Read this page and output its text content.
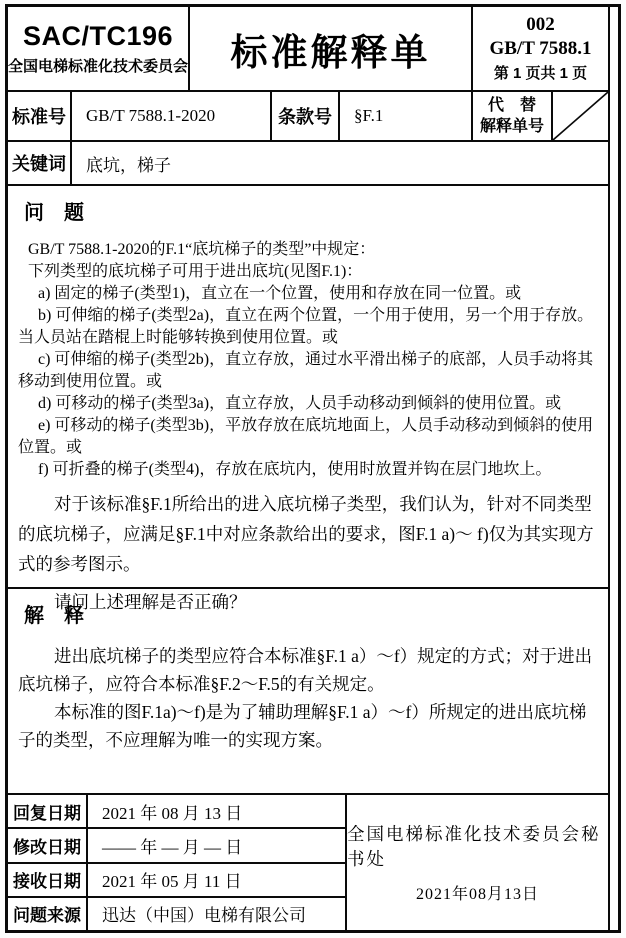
SAC/TC196
全国电梯标准化技术委员会	标准解释单
002
GB/T 7588.1
第 1 页共 1 页
标准号	GB/T 7588.1-2020	条款号	§F.1
代　替
解释单号
关键词	底坑，梯子
问　题
GB/T 7588.1-2020的F.1“底坑梯子的类型”中规定：
下列类型的底坑梯子可用于进出底坑(见图F.1)：
a) 固定的梯子(类型1)，直立在一个位置，使用和存放在同一位置。或
b) 可伸缩的梯子(类型2a)，直立在两个位置，一个用于使用，另一个用于存放。当人员站在踏棍上时能够转换到使用位置。或
c) 可伸缩的梯子(类型2b)，直立存放，通过水平滑出梯子的底部，人员手动将其移动到使用位置。或
d) 可移动的梯子(类型3a)，直立存放，人员手动移动到倾斜的使用位置。或
e) 可移动的梯子(类型3b)，平放存放在底坑地面上，人员手动移动到倾斜的使用位置。或
f) 可折叠的梯子(类型4)，存放在底坑内，使用时放置并钩在层门地坎上。
对于该标准§F.1所给出的进入底坑梯子类型，我们认为，针对不同类型的底坑梯子，应满足§F.1中对应条款给出的要求，图F.1 a)～ f)仅为其实现方式的参考图示。
请问上述理解是否正确？
解　释
进出底坑梯子的类型应符合本标准§F.1 a）～f）规定的方式；对于进出底坑梯子，应符合本标准§F.2～F.5的有关规定。
本标准的图F.1a)～f)是为了辅助理解§F.1 a）～f）所规定的进出底坑梯子的类型，不应理解为唯一的实现方案。
回复日期	2021 年 08 月 13 日
修改日期	—— 年 — 月 — 日
接收日期	2021 年 05 月 11 日
问题来源	迅达（中国）电梯有限公司
全国电梯标准化技术委员会秘书处
2021年08月13日
